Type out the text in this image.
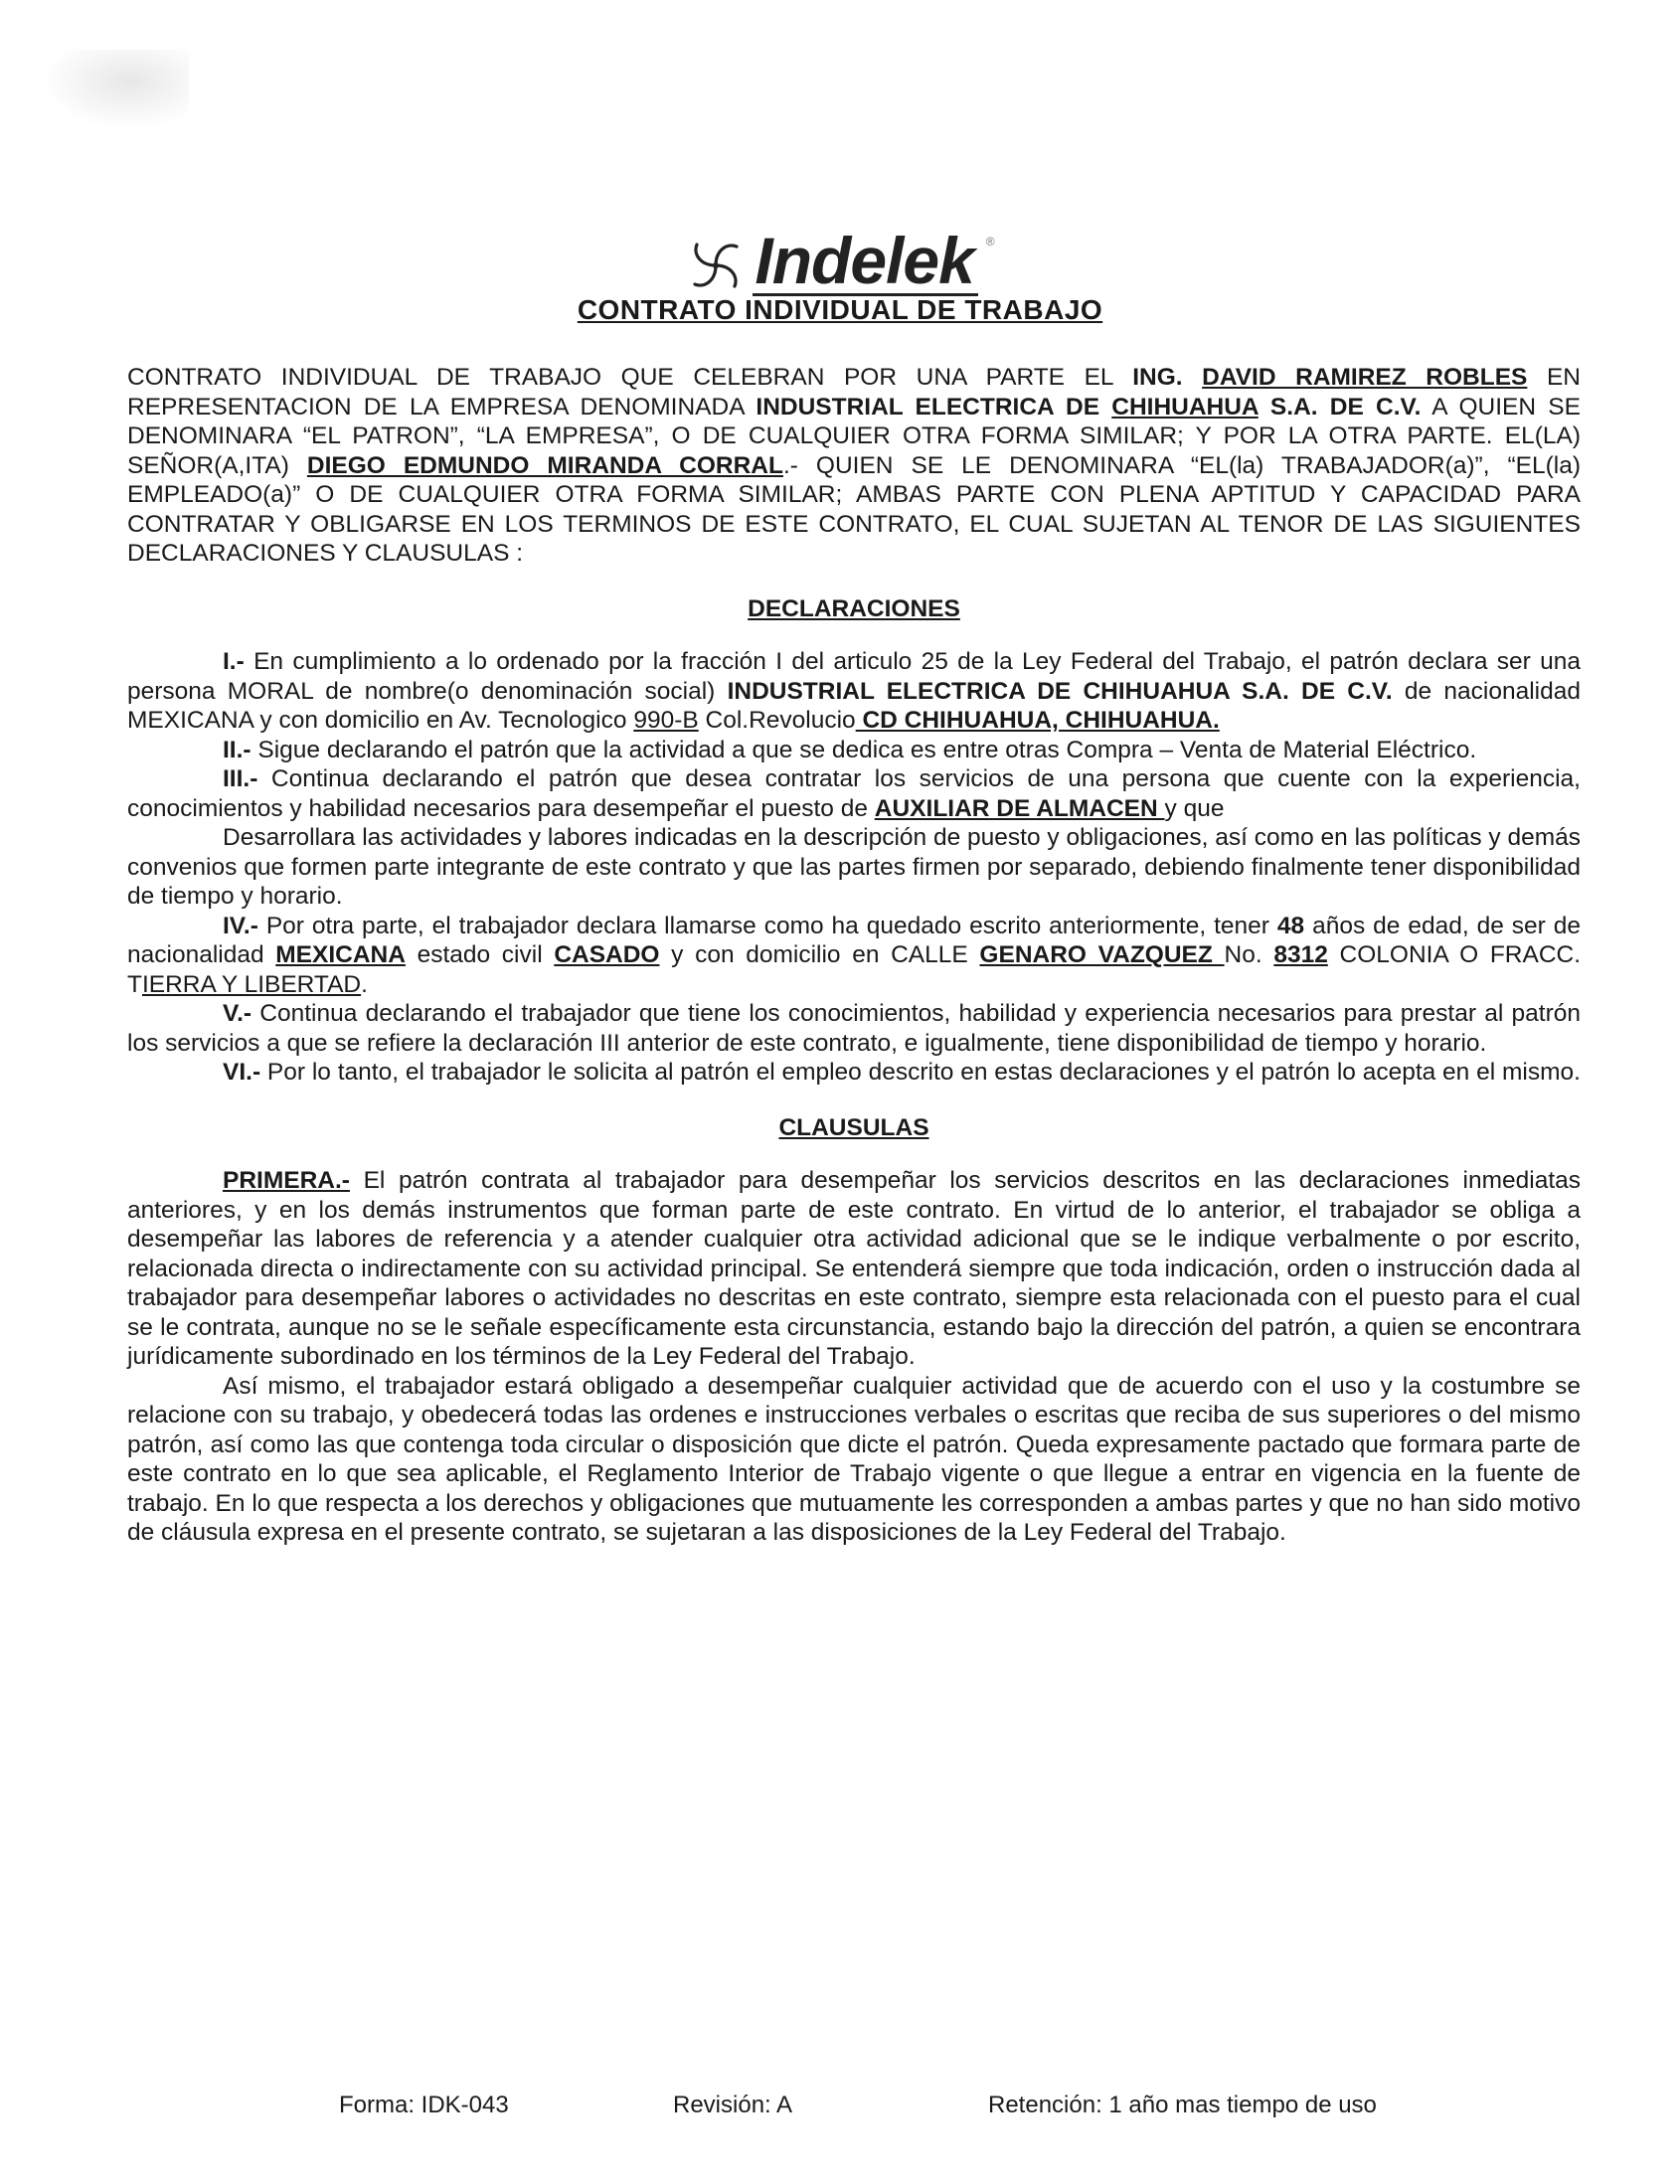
Indelek	®
CONTRATO INDIVIDUAL DE TRABAJO

CONTRATO INDIVIDUAL DE TRABAJO QUE CELEBRAN POR UNA PARTE EL ING. DAVID RAMIREZ ROBLES EN REPRESENTACION DE LA EMPRESA DENOMINADA INDUSTRIAL ELECTRICA DE CHIHUAHUA S.A. DE C.V. A QUIEN SE DENOMINARA “EL PATRON”, “LA EMPRESA”, O DE CUALQUIER OTRA FORMA SIMILAR; Y POR LA OTRA PARTE. EL(LA) SEÑOR(A,ITA) DIEGO EDMUNDO MIRANDA CORRAL.- QUIEN SE LE DENOMINARA “EL(la) TRABAJADOR(a)”, “EL(la) EMPLEADO(a)” O DE CUALQUIER OTRA FORMA SIMILAR; AMBAS PARTE CON PLENA APTITUD Y CAPACIDAD PARA CONTRATAR Y OBLIGARSE EN LOS TERMINOS DE ESTE CONTRATO, EL CUAL SUJETAN AL TENOR DE LAS SIGUIENTES DECLARACIONES Y CLAUSULAS :

DECLARACIONES

I.- En cumplimiento a lo ordenado por la fracción I del articulo 25 de la Ley Federal del Trabajo, el patrón declara ser una persona MORAL de nombre(o denominación social) INDUSTRIAL ELECTRICA DE CHIHUAHUA S.A. DE C.V. de nacionalidad MEXICANA y con domicilio en Av. Tecnologico 990-B Col.Revolucio CD CHIHUAHUA, CHIHUAHUA.

II.- Sigue declarando el patrón que la actividad a que se dedica es entre otras Compra – Venta de Material Eléctrico.

III.- Continua declarando el patrón que desea contratar los servicios de una persona que cuente con la experiencia, conocimientos y habilidad necesarios para desempeñar el puesto de AUXILIAR DE ALMACEN y que

Desarrollara las actividades y labores indicadas en la descripción de puesto y obligaciones, así como en las políticas y demás convenios que formen parte integrante de este contrato y que las partes firmen por separado, debiendo finalmente tener disponibilidad de tiempo y horario.

IV.- Por otra parte, el trabajador declara llamarse como ha quedado escrito anteriormente, tener 48 años de edad, de ser de nacionalidad MEXICANA estado civil CASADO y con domicilio en CALLE GENARO VAZQUEZ No. 8312 COLONIA O FRACC. TIERRA Y LIBERTAD.

V.- Continua declarando el trabajador que tiene los conocimientos, habilidad y experiencia necesarios para prestar al patrón los servicios a que se refiere la declaración III anterior de este contrato, e igualmente, tiene disponibilidad de tiempo y horario.

VI.- Por lo tanto, el trabajador le solicita al patrón el empleo descrito en estas declaraciones y el patrón lo acepta en el mismo.

CLAUSULAS

PRIMERA.- El patrón contrata al trabajador para desempeñar los servicios descritos en las declaraciones inmediatas anteriores, y en los demás instrumentos que forman parte de este contrato. En virtud de lo anterior, el trabajador se obliga a desempeñar las labores de referencia y a atender cualquier otra actividad adicional que se le indique verbalmente o por escrito, relacionada directa o indirectamente con su actividad principal. Se entenderá siempre que toda indicación, orden o instrucción dada al trabajador para desempeñar labores o actividades no descritas en este contrato, siempre esta relacionada con el puesto para el cual se le contrata, aunque no se le señale específicamente esta circunstancia, estando bajo la dirección del patrón, a quien se encontrara jurídicamente subordinado en los términos de la Ley Federal del Trabajo.

Así mismo, el trabajador estará obligado a desempeñar cualquier actividad que de acuerdo con el uso y la costumbre se relacione con su trabajo, y obedecerá todas las ordenes e instrucciones verbales o escritas que reciba de sus superiores o del mismo patrón, así como las que contenga toda circular o disposición que dicte el patrón. Queda expresamente pactado que formara parte de este contrato en lo que sea aplicable, el Reglamento Interior de Trabajo vigente o que llegue a entrar en vigencia en la fuente de trabajo. En lo que respecta a los derechos y obligaciones que mutuamente les corresponden a ambas partes y que no han sido motivo de cláusula expresa en el presente contrato, se sujetaran a las disposiciones de la Ley Federal del Trabajo.

Forma: IDK-043	Revisión: A	Retención: 1 año mas tiempo de uso
